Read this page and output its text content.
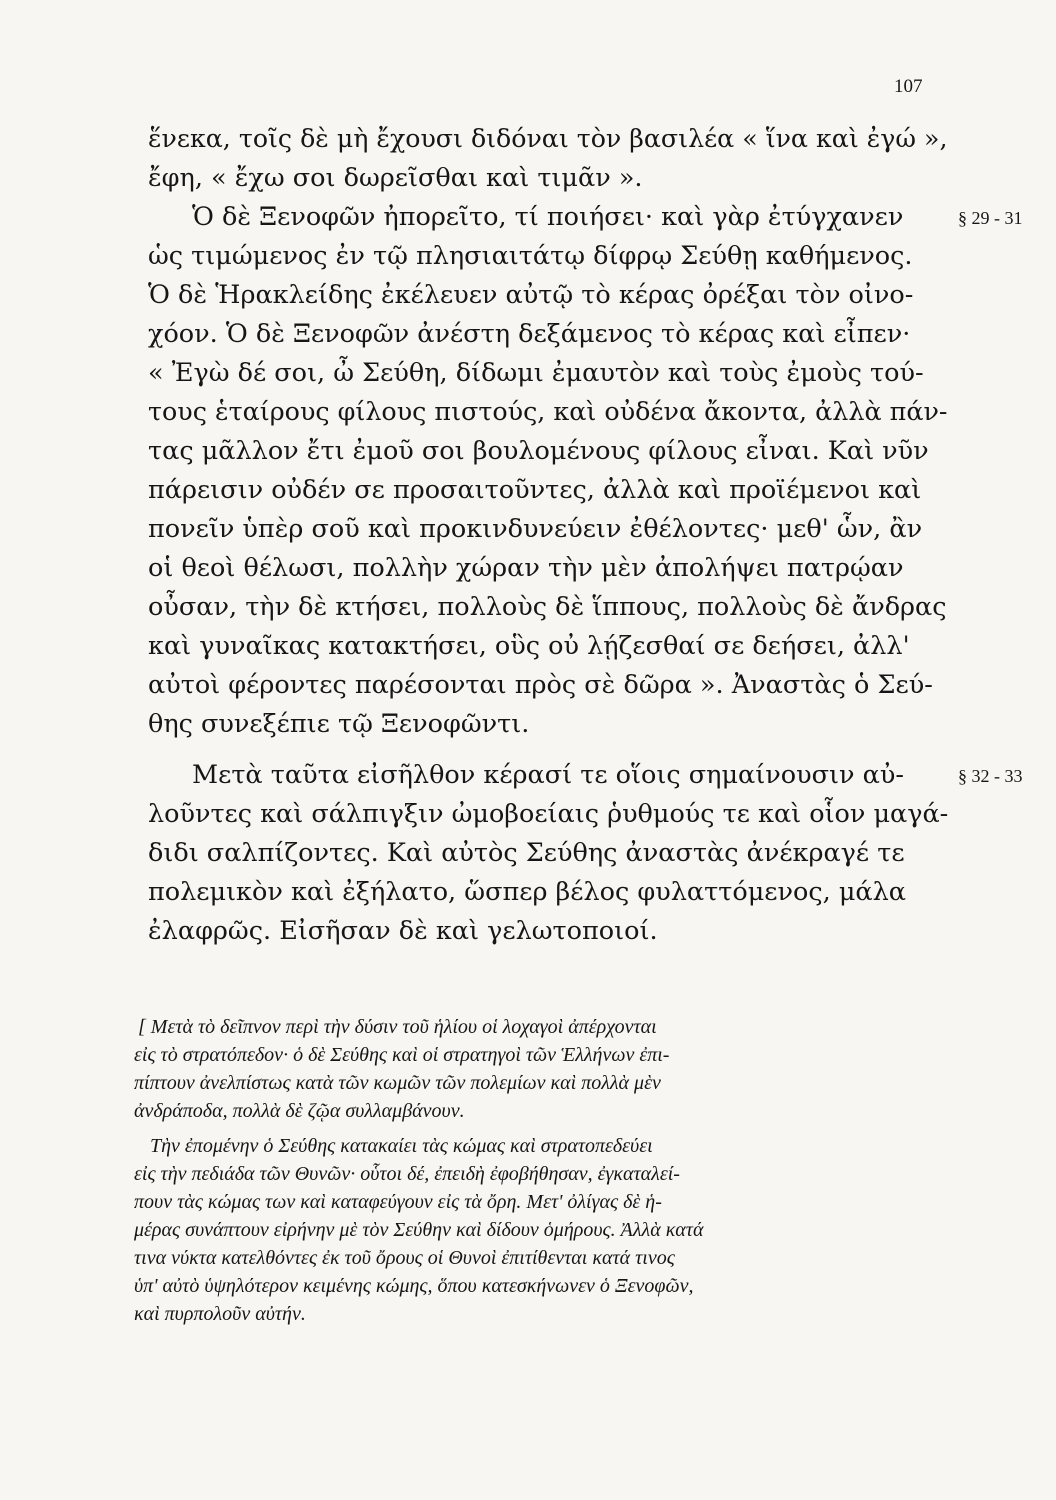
107
ἕνεκα, τοῖς δὲ μὴ ἔχουσι διδόναι τὸν βασιλέα « ἵνα καὶ ἐγώ »,
ἔφη, « ἔχω σοι δωρεῖσθαι καὶ τιμᾶν ».
Ὁ δὲ Ξενοφῶν ἠπορεῖτο, τί ποιήσει· καὶ γὰρ ἐτύγχανεν
ὡς τιμώμενος ἐν τῷ πλησιαιτάτῳ δίφρῳ Σεύθῃ καθήμενος.
Ὁ δὲ Ἡρακλείδης ἐκέλευεν αὐτῷ τὸ κέρας ὀρέξαι τὸν οἰνο-
χόον. Ὁ δὲ Ξενοφῶν ἀνέστη δεξάμενος τὸ κέρας καὶ εἶπεν·
« Ἐγὼ δέ σοι, ὦ Σεύθη, δίδωμι ἐμαυτὸν καὶ τοὺς ἐμοὺς τού-
τους ἑταίρους φίλους πιστούς, καὶ οὐδένα ἄκοντα, ἀλλὰ πάν-
τας μᾶλλον ἔτι ἐμοῦ σοι βουλομένους φίλους εἶναι. Καὶ νῦν
πάρεισιν οὐδέν σε προσαιτοῦντες, ἀλλὰ καὶ προϊέμενοι καὶ
πονεῖν ὑπὲρ σοῦ καὶ προκινδυνεύειν ἐθέλοντες· μεθ' ὧν, ἂν
οἱ θεοὶ θέλωσι, πολλὴν χώραν τὴν μὲν ἀπολήψει πατρῴαν
οὖσαν, τὴν δὲ κτήσει, πολλοὺς δὲ ἵππους, πολλοὺς δὲ ἄνδρας
καὶ γυναῖκας κατακτήσει, οὓς οὐ λῄζεσθαί σε δεήσει, ἀλλ'
αὐτοὶ φέροντες παρέσονται πρὸς σὲ δῶρα ». Ἀναστὰς ὁ Σεύ-
θης συνεξέπιε τῷ Ξενοφῶντι.
Μετὰ ταῦτα εἰσῆλθον κέρασί τε οἵοις σημαίνουσιν αὐ-
λοῦντες καὶ σάλπιγξιν ὠμοβοείαις ῥυθμούς τε καὶ οἷον μαγά-
διδι σαλπίζοντες. Καὶ αὐτὸς Σεύθης ἀναστὰς ἀνέκραγέ τε
πολεμικὸν καὶ ἐξήλατο, ὥσπερ βέλος φυλαττόμενος, μάλα
ἐλαφρῶς. Εἰσῆσαν δὲ καὶ γελωτοποιοί.
§ 29 - 31
§ 32 - 33
[ Μετὰ τὸ δεῖπνον περὶ τὴν δύσιν τοῦ ἡλίου οἱ λοχαγοὶ ἀπέρχονται
εἰς τὸ στρατόπεδον· ὁ δὲ Σεύθης καὶ οἱ στρατηγοὶ τῶν Ἑλλήνων ἐπι-
πίπτουν ἀνελπίστως κατὰ τῶν κωμῶν τῶν πολεμίων καὶ πολλὰ μὲν
ἀνδράποδα, πολλὰ δὲ ζῷα συλλαμβάνουν.
Τὴν ἐπομένην ὁ Σεύθης κατακαίει τὰς κώμας καὶ στρατοπεδεύει
εἰς τὴν πεδιάδα τῶν Θυνῶν· οὗτοι δέ, ἐπειδὴ ἐφοβήθησαν, ἐγκαταλεί-
πουν τὰς κώμας των καὶ καταφεύγουν εἰς τὰ ὄρη. Μετ' ὀλίγας δὲ ἡ-
μέρας συνάπτουν εἰρήνην μὲ τὸν Σεύθην καὶ δίδουν ὁμήρους. Ἀλλὰ κατά
τινα νύκτα κατελθόντες ἐκ τοῦ ὄρους οἱ Θυνοὶ ἐπιτίθενται κατά τινος
ὑπ' αὐτὸ ὑψηλότερον κειμένης κώμης, ὅπου κατεσκήνωνεν ὁ Ξενοφῶν,
καὶ πυρπολοῦν αὐτήν.
